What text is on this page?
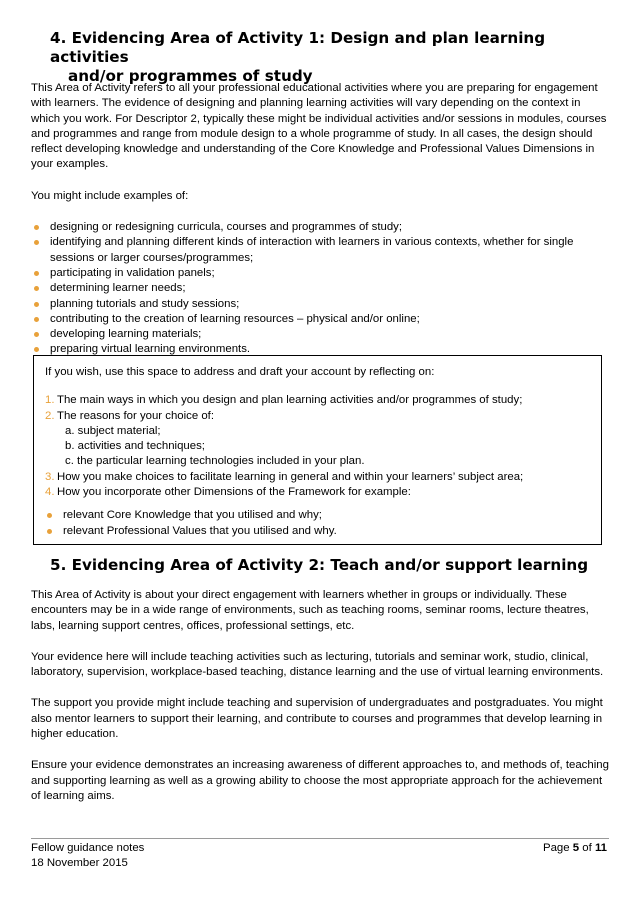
4. Evidencing Area of Activity 1: Design and plan learning activities
and/or programmes of study

This Area of Activity refers to all your professional educational activities where you are preparing for engagement with learners. The evidence of designing and planning learning activities will vary depending on the context in which you work. For Descriptor 2, typically these might be individual activities and/or sessions in modules, courses and programmes and range from module design to a whole programme of study. In all cases, the design should reflect developing knowledge and understanding of the Core Knowledge and Professional Values Dimensions in your examples.

You might include examples of:

designing or redesigning curricula, courses and programmes of study;
identifying and planning different kinds of interaction with learners in various contexts, whether for single sessions or larger courses/programmes;
participating in validation panels;
determining learner needs;
planning tutorials and study sessions;
contributing to the creation of learning resources – physical and/or online;
developing learning materials;
preparing virtual learning environments.

If you wish, use this space to address and draft your account by reflecting on:

1. The main ways in which you design and plan learning activities and/or programmes of study;
2. The reasons for your choice of:
a. subject material;
b. activities and techniques;
c. the particular learning technologies included in your plan.
3. How you make choices to facilitate learning in general and within your learners’ subject area;
4. How you incorporate other Dimensions of the Framework for example:
relevant Core Knowledge that you utilised and why;
relevant Professional Values that you utilised and why.
5. Evidencing Area of Activity 2: Teach and/or support learning

This Area of Activity is about your direct engagement with learners whether in groups or individually. These encounters may be in a wide range of environments, such as teaching rooms, seminar rooms, lecture theatres, labs, learning support centres, offices, professional settings, etc.

Your evidence here will include teaching activities such as lecturing, tutorials and seminar work, studio, clinical, laboratory, supervision, workplace-based teaching, distance learning and the use of virtual learning environments.

The support you provide might include teaching and supervision of undergraduates and postgraduates. You might also mentor learners to support their learning, and contribute to courses and programmes that develop learning in higher education.

Ensure your evidence demonstrates an increasing awareness of different approaches to, and methods of, teaching and supporting learning as well as a growing ability to choose the most appropriate approach for the achievement of learning aims.

Fellow guidance notes
18 November 2015
Page 5 of 11
